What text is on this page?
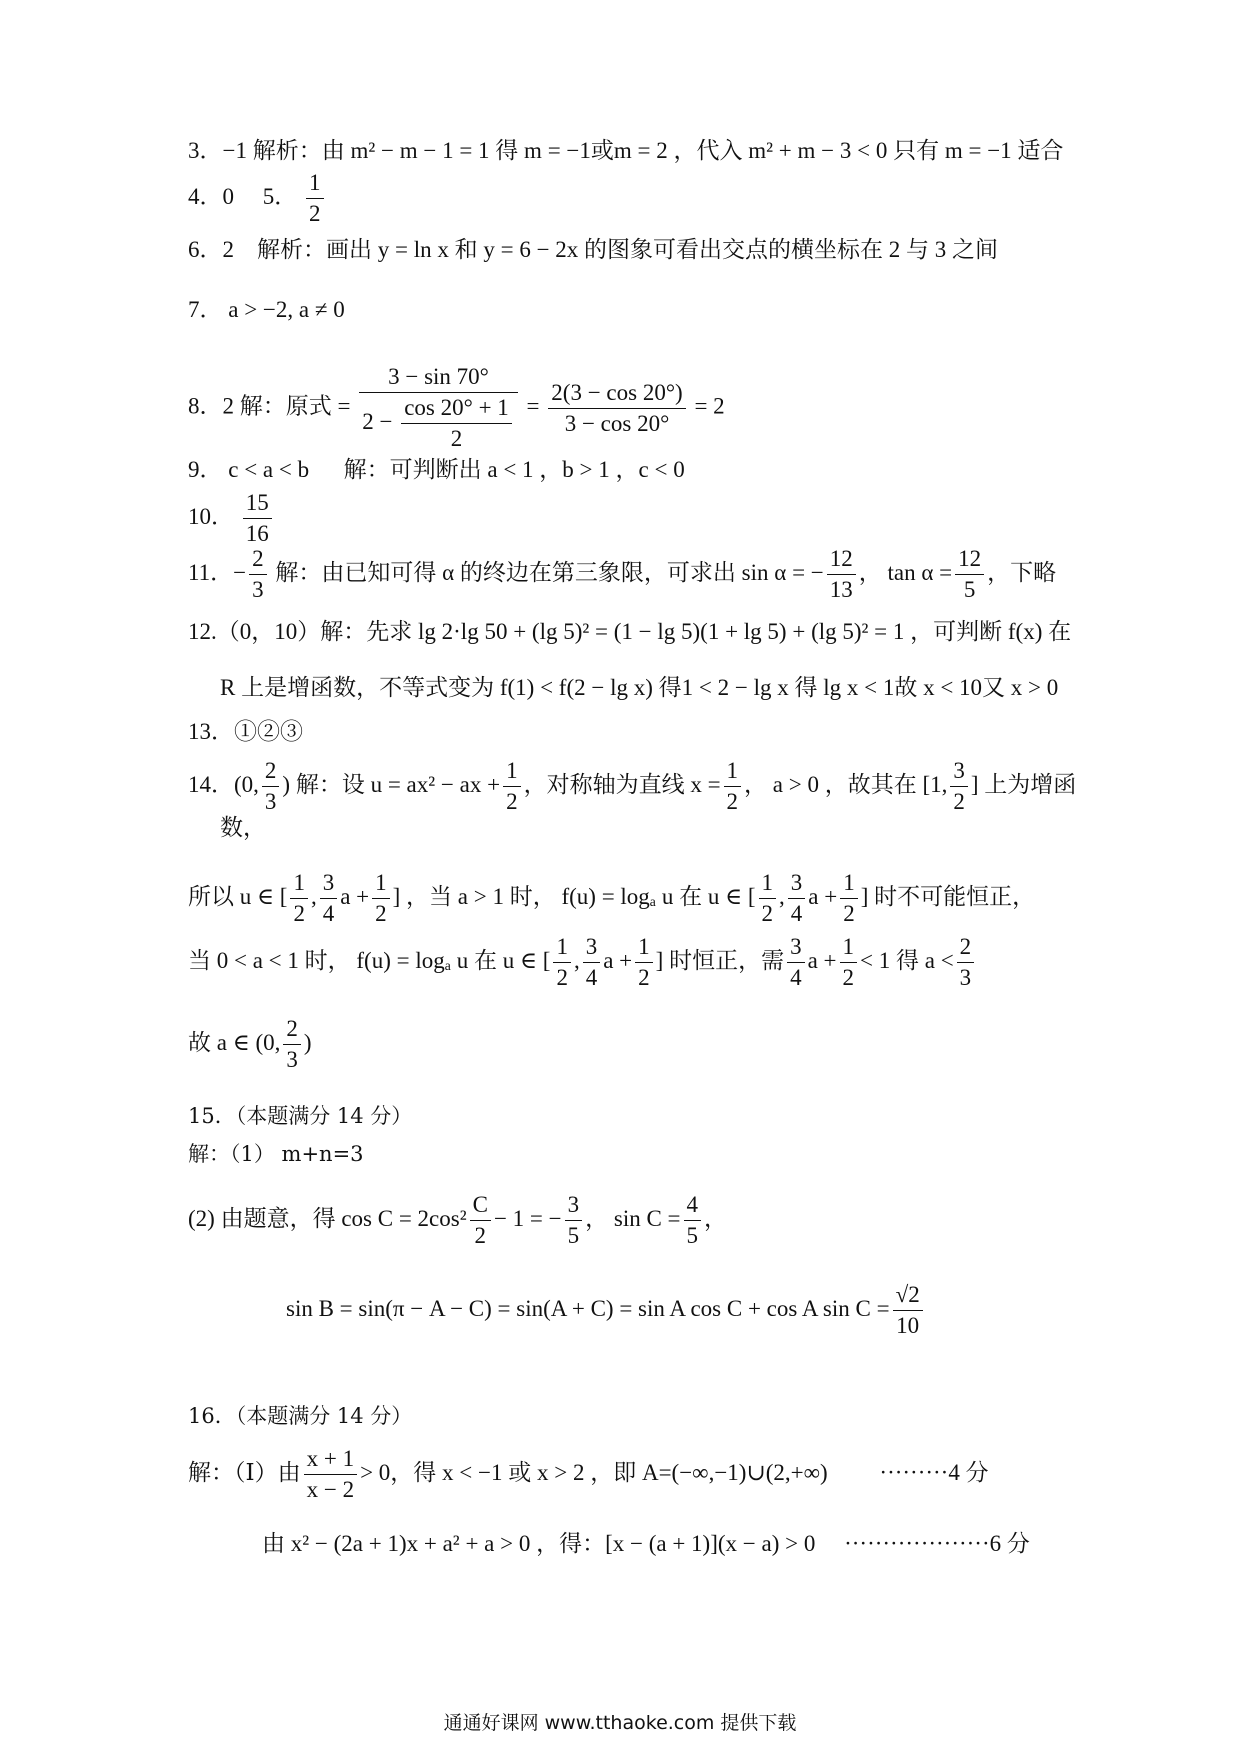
3．−1 解析：由 m² − m − 1 = 1 得 m = −1或m = 2 ，代入 m² + m − 3 < 0 只有 m = −1 适合
4．0　 5． $\frac{1}{2}$
6．2　解析：画出 y = ln x 和 y = 6 − 2x 的图象可看出交点的横坐标在 2 与 3 之间
7． a > −2, a ≠ 0
8．2 解：原式 = $\frac{3 - \sin 70^\circ}{2 - \frac{\cos 20^\circ + 1}{2}} = \frac{2(3 - \cos 20^\circ)}{3 - \cos 20^\circ} = 2$
9． c < a < b 　 解：可判断出 a < 1 ，b > 1 ，c < 0
10． $\frac{15}{16}$
11．− $\frac{2}{3}$ 解：由已知可得 α 的终边在第三象限，可求出 sin α = − $\frac{12}{13}$ ， $\tan \alpha = \frac{12}{5}$ ，下略
12.（0，10）解：先求 lg 2·lg 50 + (lg 5)² = (1 − lg 5)(1 + lg 5) + (lg 5)² = 1 ，可判断 f(x) 在
R 上是增函数，不等式变为 f(1) < f(2 − lg x) 得1 < 2 − lg x 得 lg x < 1故 x < 10又 x > 0
13．①②③
14．(0, $\frac{2}{3}$ ) 解：设 u = ax² − ax + $\frac{1}{2}$ ，对称轴为直线 $x = \frac{1}{2}$ ， a > 0 ，故其在 [1, $\frac{3}{2}$ ] 上为增函
数，
所以 u ∈ [ $\frac{1}{2}$ , $\frac{3}{4}$ $a + \frac{1}{2}$ ] ，当 a > 1 时， f(u) = logₐ u 在 u ∈ [ $\frac{1}{2}$ , $\frac{3}{4}$ $a + \frac{1}{2}$ ] 时不可能恒正，
当 0 < a < 1 时， f(u) = logₐ u 在 u ∈ [ $\frac{1}{2}$ , $\frac{3}{4}$ $a + \frac{1}{2}$ ] 时恒正，需 $\frac{3}{4}$ $a + \frac{1}{2} < 1$ 得 $a < \frac{2}{3}$
故 a ∈ (0, $\frac{2}{3}$ )
15．（本题满分 14 分）
解：（1） m+n=3
(2) 由题意，得 $\cos C = 2\cos^2 \frac{C}{2} - 1$ = − $\frac{3}{5}$ ， $\sin C = \frac{4}{5}$ ，
sin B = sin(π − A − C) = sin(A + C) = sin A cos C + cos A $\sin C = \frac{√2}{10}$
16．（本题满分 14 分）
解：（Ⅰ）由 $\frac{x + 1}{x - 2} > 0$，得 x < −1 或 x > 2 ，即 A=(−∞,−1)∪(2,+∞)　　 ·········4 分
由 x² − (2a + 1)x + a² + a > 0 ，得：[x − (a + 1)](x − a) > 0　 ···················6 分
通通好课网 www.tthaoke.com 提供下载
